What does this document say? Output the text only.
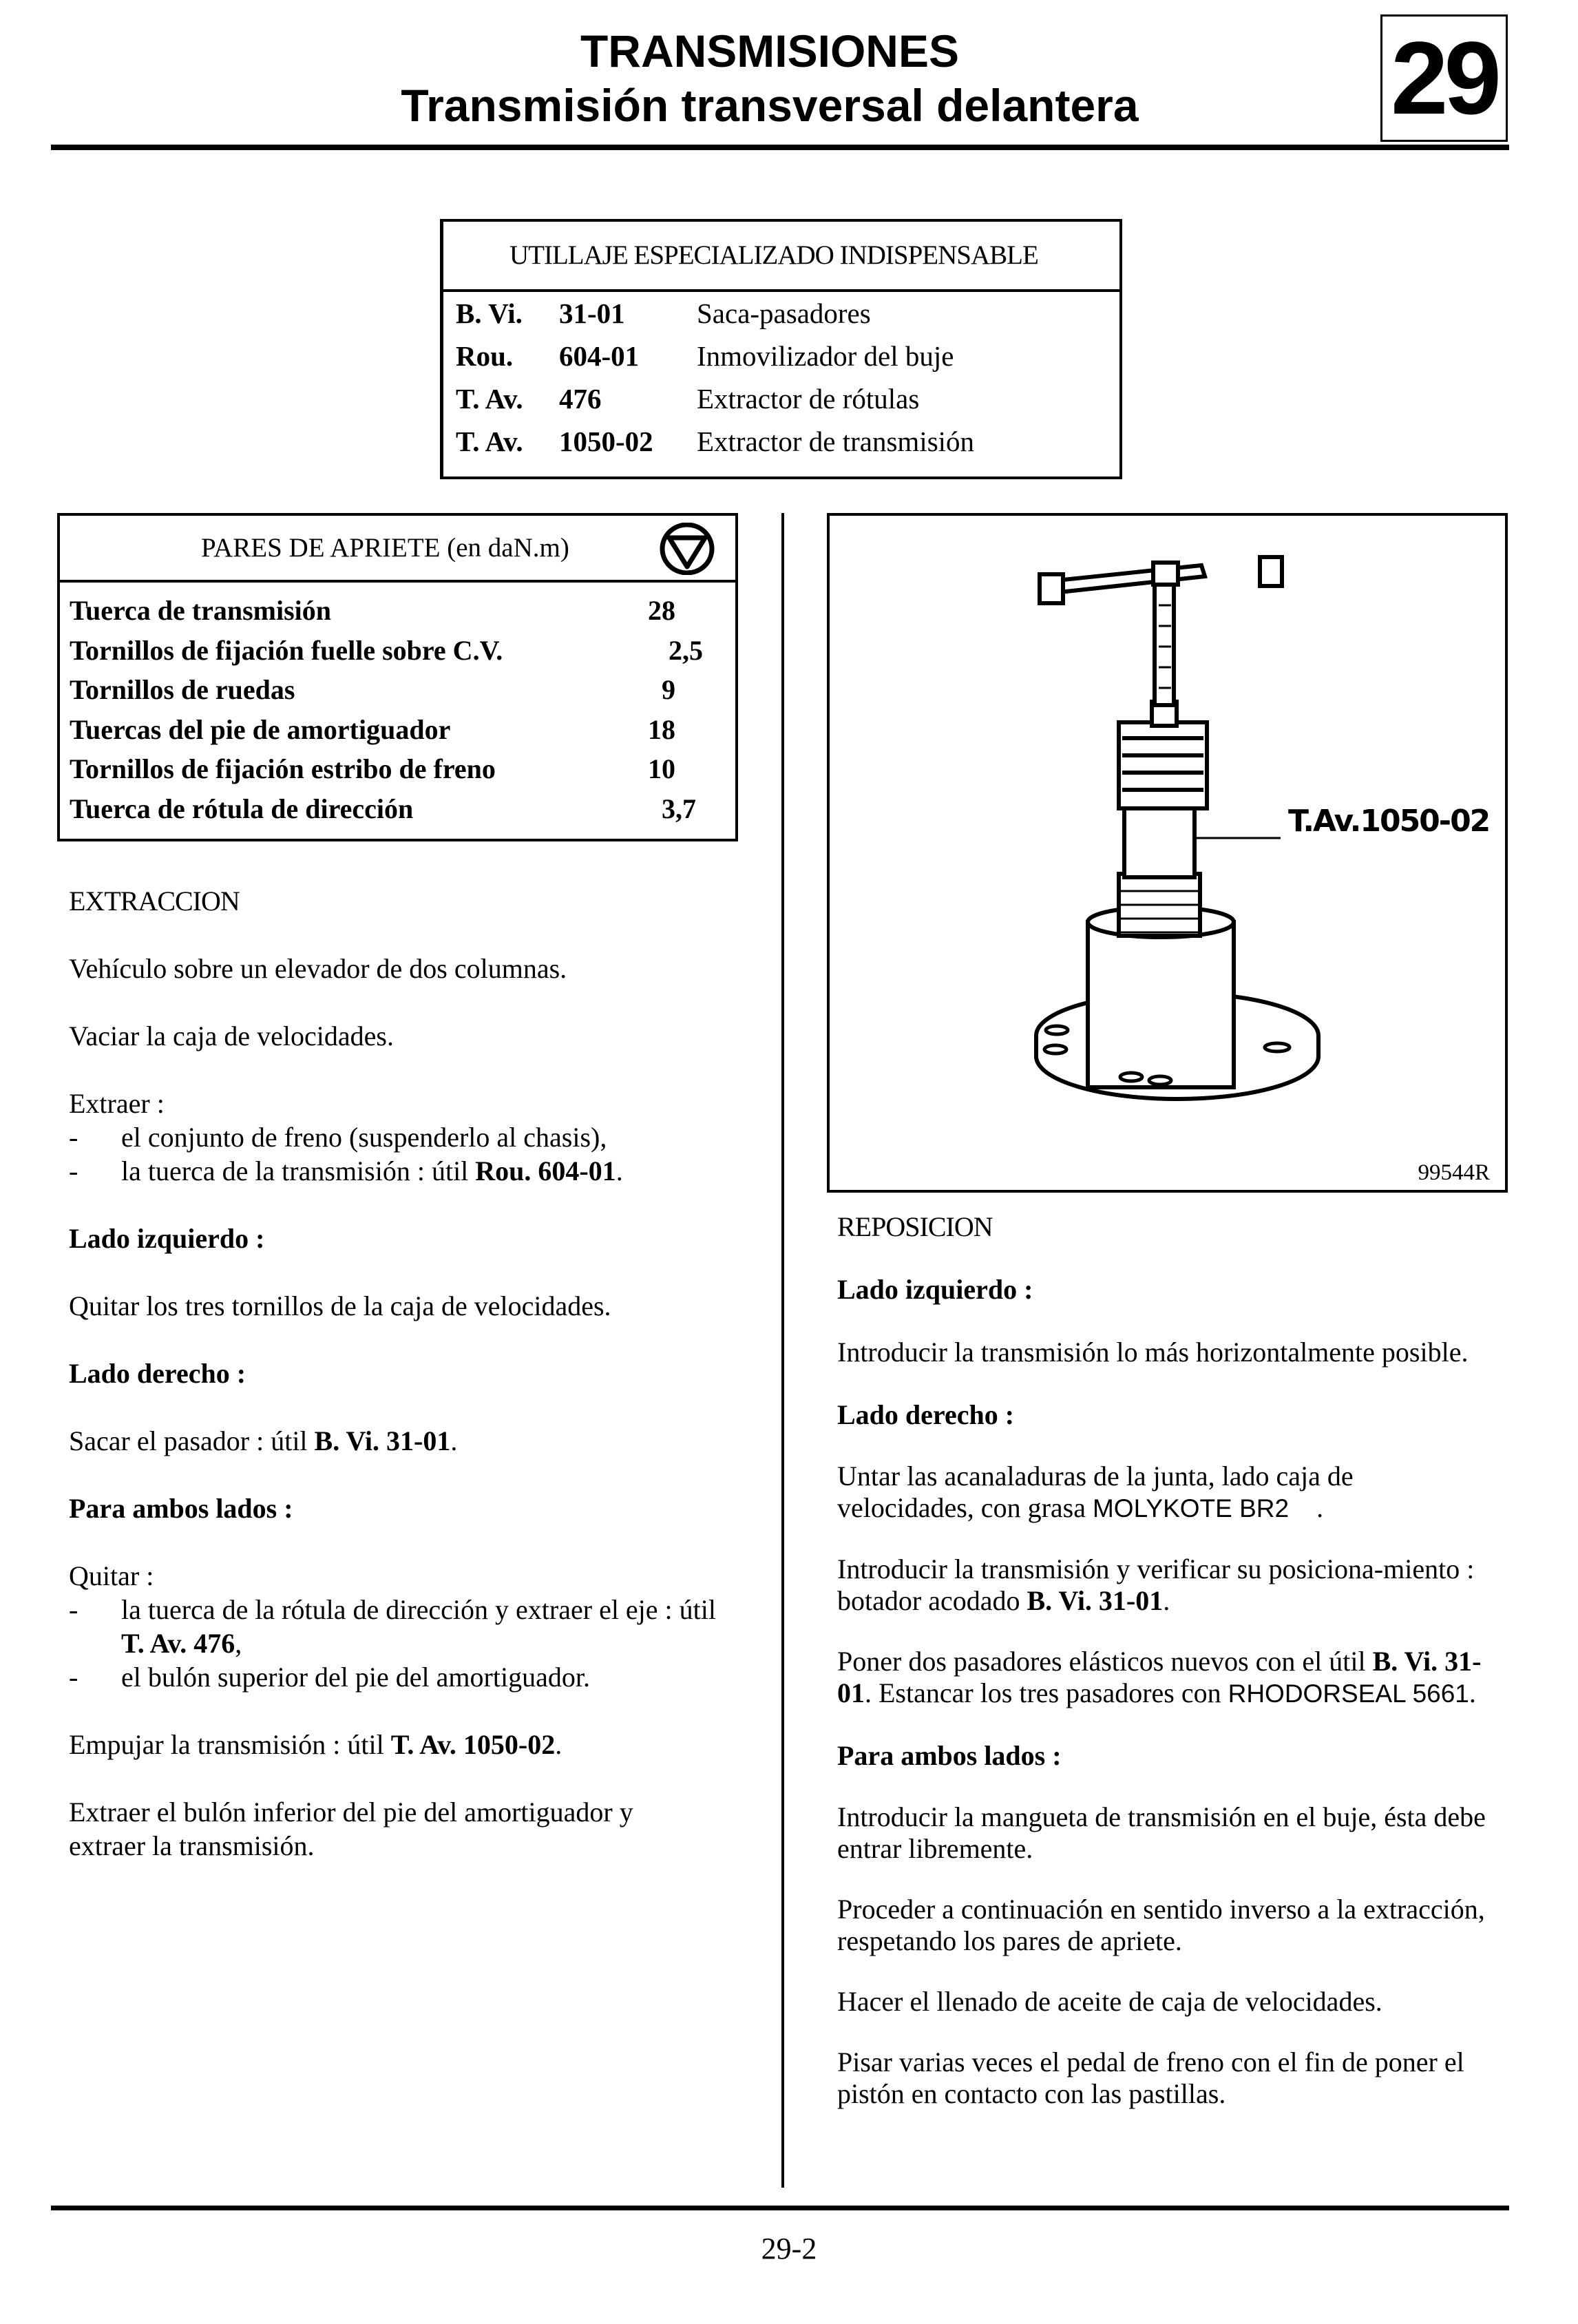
TRANSMISIONES
Transmisión transversal delantera	29
UTILLAJE ESPECIALIZADO INDISPENSABLE
B. Vi.	31-01	Saca-pasadores
Rou.	604-01	Inmovilizador del buje
T. Av.	476	Extractor de rótulas
T. Av.	1050-02	Extractor de transmisión
PARES DE APRIETE (en daN.m)
Tuerca de transmisión	28
Tornillos de fijación fuelle sobre C.V.	2,5
Tornillos de ruedas	9
Tuercas del pie de amortiguador	18
Tornillos de fijación estribo de freno	10
Tuerca de rótula de dirección	3,7	T.Av.1050-02
99544R

EXTRACCION

Vehículo sobre un elevador de dos columnas.

Vaciar la caja de velocidades.

Extraer :

-	el conjunto de freno (suspenderlo al chasis),
-	la tuerca de la transmisión : útil Rou. 604-01.

Lado izquierdo :

Quitar los tres tornillos de la caja de velocidades.

Lado derecho :

Sacar el pasador : útil B. Vi. 31-01.

Para ambos lados :

Quitar :

-	la tuerca de la rótula de dirección y extraer el eje : útil T. Av. 476,
-	el bulón superior del pie del amortiguador.

Empujar la transmisión : útil T. Av. 1050-02.

Extraer el bulón inferior del pie del amortiguador y extraer la transmisión.

REPOSICION

Lado izquierdo :

Introducir la transmisión lo más horizontalmente posible.

Lado derecho :

Untar las acanaladuras de la junta, lado caja de velocidades, con grasa MOLYKOTE BR2    .

Introducir la transmisión y verificar su posiciona-miento : botador acodado B. Vi. 31-01.

Poner dos pasadores elásticos nuevos con el útil B. Vi. 31-01. Estancar los tres pasadores con RHODORSEAL 5661.

Para ambos lados :

Introducir la mangueta de transmisión en el buje, ésta debe entrar libremente.

Proceder a continuación en sentido inverso a la extracción, respetando los pares de apriete.

Hacer el llenado de aceite de caja de velocidades.

Pisar varias veces el pedal de freno con el fin de poner el pistón en contacto con las pastillas.

29-2
